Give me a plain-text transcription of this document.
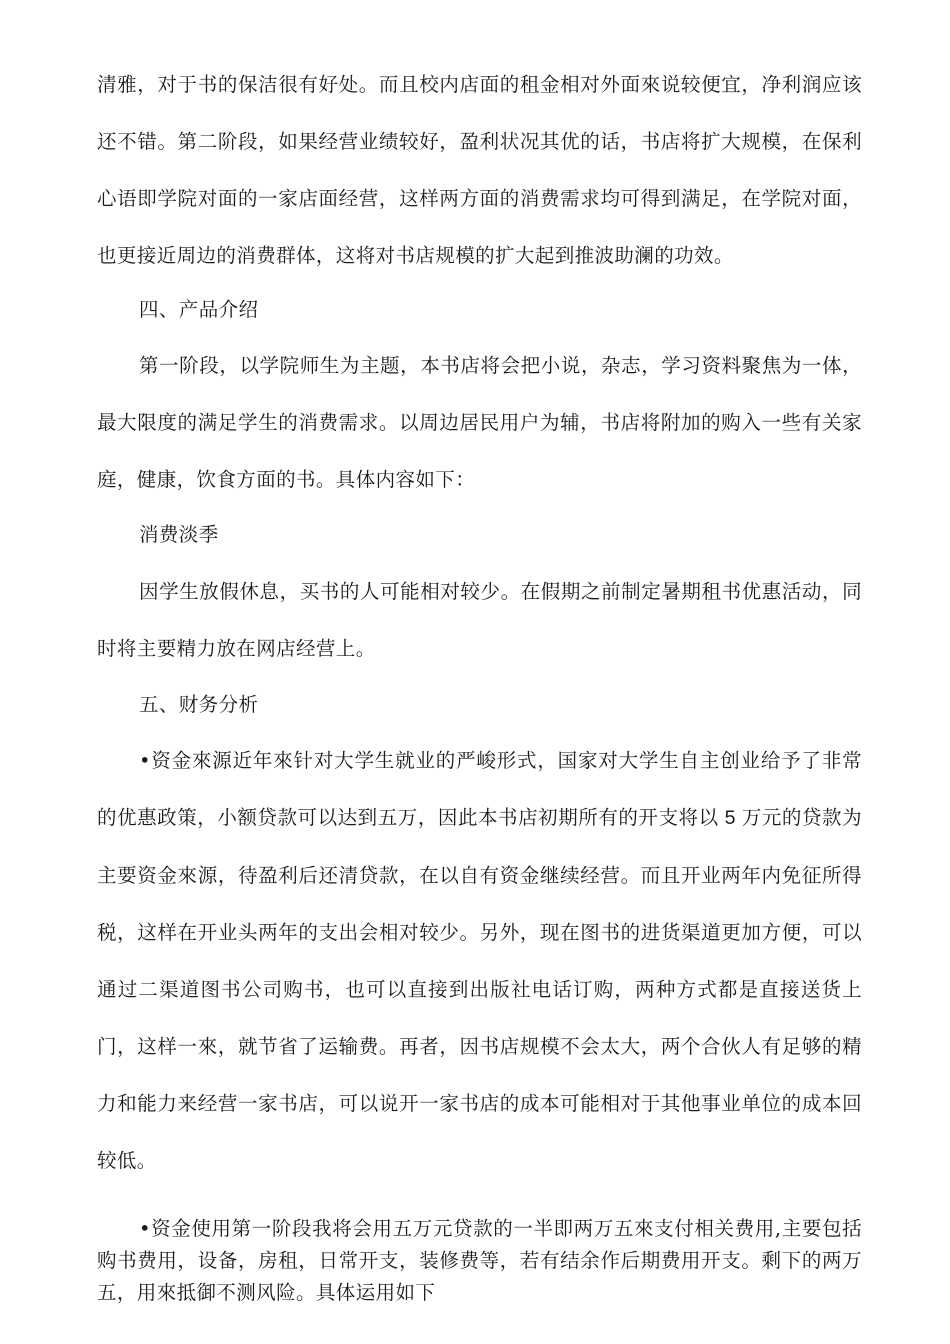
清雅，对于书的保洁很有好处。而且校内店面的租金相对外面來说较便宜，净利润应该还不错。第二阶段，如果经营业绩较好，盈利状况其优的话，书店将扩大规模，在保利心语即学院对面的一家店面经营，这样两方面的消费需求均可得到满足，在学院对面，也更接近周边的消费群体，这将对书店规模的扩大起到推波助澜的功效。

四、产品介绍

第一阶段，以学院师生为主题，本书店将会把小说，杂志，学习资料聚焦为一体，最大限度的满足学生的消费需求。以周边居民用户为辅，书店将附加的购入一些有关家庭，健康，饮食方面的书。具体内容如下：

消费淡季

因学生放假休息，买书的人可能相对较少。在假期之前制定暑期租书优惠活动，同时将主要精力放在网店经营上。

五、财务分析

•资金來源近年來针对大学生就业的严峻形式，国家对大学生自主创业给予了非常的优惠政策，小额贷款可以达到五万，因此本书店初期所有的开支将以 5 万元的贷款为主要资金來源，待盈利后还清贷款，在以自有资金继续经营。而且开业两年内免征所得税，这样在开业头两年的支出会相对较少。另外，现在图书的进货渠道更加方便，可以通过二渠道图书公司购书，也可以直接到出版社电话订购，两种方式都是直接送货上门，这样一來，就节省了运输费。再者，因书店规模不会太大，两个合伙人有足够的精力和能力来经营一家书店，可以说开一家书店的成本可能相对于其他事业单位的成本回较低。

•资金使用第一阶段我将会用五万元贷款的一半即两万五來支付相关费用,主要包括购书费用，设备，房租，日常开支，装修费等，若有结余作后期费用开支。剩下的两万五，用來抵御不测风险。具体运用如下
